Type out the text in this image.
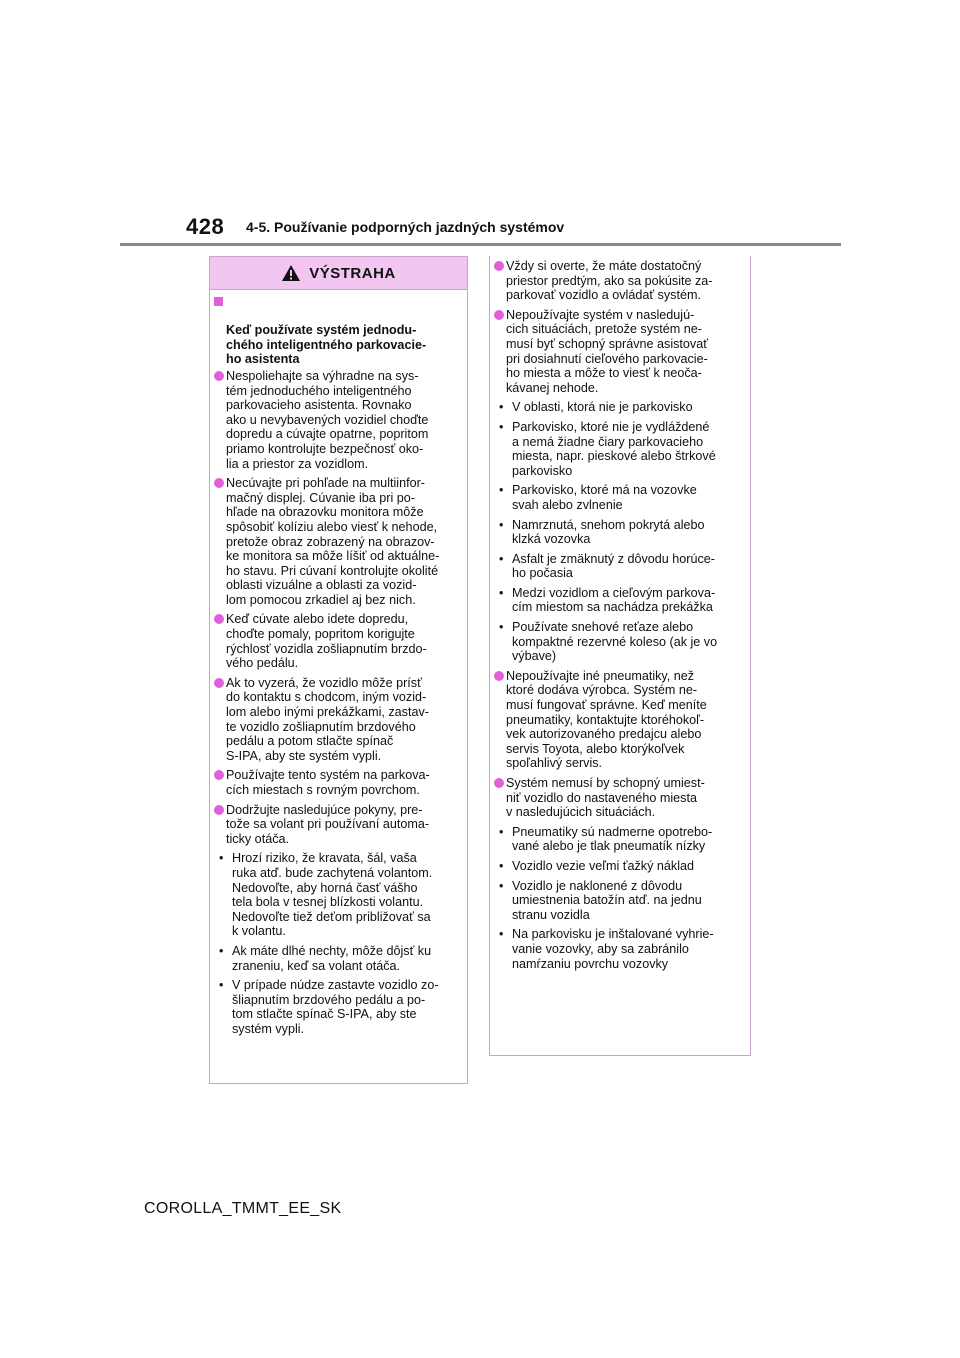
428 4-5. Používanie podporných jazdných systémov
VÝSTRAHA

Keď používate systém jednodu-
chého inteligentného parkovacie-
ho asistenta

Nespoliehajte sa výhradne na sys-
tém jednoduchého inteligentného
parkovacieho asistenta. Rovnako
ako u nevybavených vozidiel choďte
dopredu a cúvajte opatrne, popritom
priamo kontrolujte bezpečnosť oko-
lia a priestor za vozidlom.
Necúvajte pri pohľade na multiinfor-
mačný displej. Cúvanie iba pri po-
hľade na obrazovku monitora môže
spôsobiť kolíziu alebo viesť k nehode,
pretože obraz zobrazený na obrazov-
ke monitora sa môže líšiť od aktuálne-
ho stavu. Pri cúvaní kontrolujte okolité
oblasti vizuálne a oblasti za vozid-
lom pomocou zrkadiel aj bez nich.
Keď cúvate alebo idete dopredu,
choďte pomaly, popritom korigujte
rýchlosť vozidla zošliapnutím brzdo-
vého pedálu.
Ak to vyzerá, že vozidlo môže prísť
do kontaktu s chodcom, iným vozid-
lom alebo inými prekážkami, zastav-
te vozidlo zošliapnutím brzdového
pedálu a potom stlačte spínač
S-IPA, aby ste systém vypli.
Používajte tento systém na parkova-
cích miestach s rovným povrchom.
Dodržujte nasledujúce pokyny, pre-
tože sa volant pri používaní automa-
ticky otáča.
• Hrozí riziko, že kravata, šál, vaša
ruka atď. bude zachytená volantom.
Nedovoľte, aby horná časť vášho
tela bola v tesnej blízkosti volantu.
Nedovoľte tiež deťom približovať sa
k volantu.
• Ak máte dlhé nechty, môže dôjsť ku
zraneniu, keď sa volant otáča.
• V prípade núdze zastavte vozidlo zo-
šliapnutím brzdového pedálu a po-
tom stlačte spínač S-IPA, aby ste
systém vypli.
Vždy si overte, že máte dostatočný
priestor predtým, ako sa pokúsite za-
parkovať vozidlo a ovládať systém.
Nepoužívajte systém v nasledujú-
cich situáciách, pretože systém ne-
musí byť schopný správne asistovať
pri dosiahnutí cieľového parkovacie-
ho miesta a môže to viesť k neoča-
kávanej nehode.
• V oblasti, ktorá nie je parkovisko
• Parkovisko, ktoré nie je vydláždené
a nemá žiadne čiary parkovacieho
miesta, napr. pieskové alebo štrkové
parkovisko
• Parkovisko, ktoré má na vozovke
svah alebo zvlnenie
• Namrznutá, snehom pokrytá alebo
klzká vozovka
• Asfalt je zmäknutý z dôvodu horúce-
ho počasia
• Medzi vozidlom a cieľovým parkova-
cím miestom sa nachádza prekážka
• Používate snehové reťaze alebo
kompaktné rezervné koleso (ak je vo
výbave)
Nepoužívajte iné pneumatiky, než
ktoré dodáva výrobca. Systém ne-
musí fungovať správne. Keď meníte
pneumatiky, kontaktujte ktoréhokoľ-
vek autorizovaného predajcu alebo
servis Toyota, alebo ktorýkoľvek
spoľahlivý servis.
Systém nemusí by schopný umiest-
niť vozidlo do nastaveného miesta
v nasledujúcich situáciách.
• Pneumatiky sú nadmerne opotrebo-
vané alebo je tlak pneumatík nízky
• Vozidlo vezie veľmi ťažký náklad
• Vozidlo je naklonené z dôvodu
umiestnenia batožín atď. na jednu
stranu vozidla
• Na parkovisku je inštalované vyhrie-
vanie vozovky, aby sa zabránilo
namŕzaniu povrchu vozovky
COROLLA_TMMT_EE_SK
